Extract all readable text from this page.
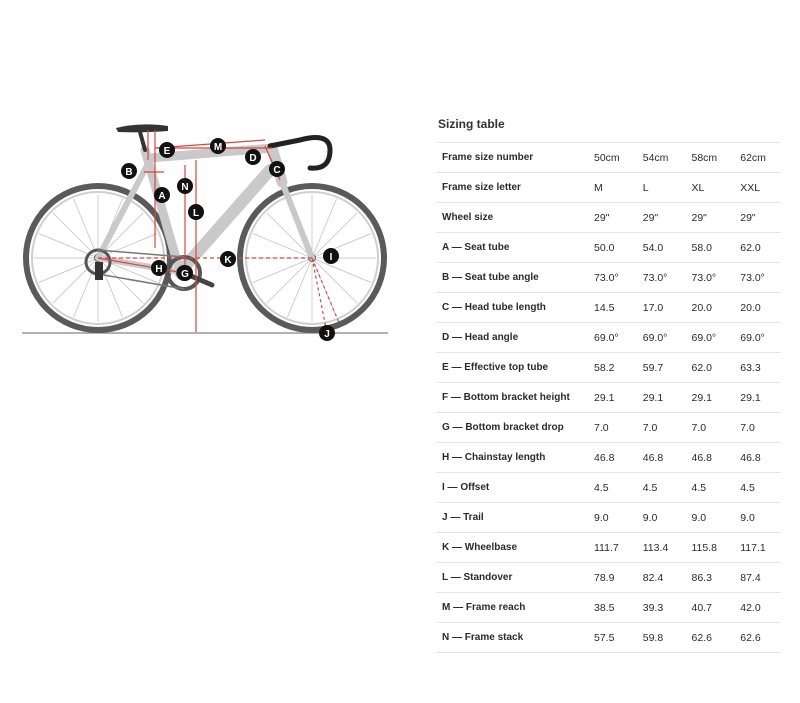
A
B	C
D
E
G
H
I
J
K
L
M
N
Sizing table
Frame size number	50cm	54cm	58cm	62cm
Frame size letter	M	L	XL	XXL
Wheel size	29"	29"	29"	29"
A — Seat tube	50.0	54.0	58.0	62.0
B — Seat tube angle	73.0°	73.0°	73.0°	73.0°
C — Head tube length	14.5	17.0	20.0	20.0
D — Head angle	69.0°	69.0°	69.0°	69.0°
E — Effective top tube	58.2	59.7	62.0	63.3
F — Bottom bracket height	29.1	29.1	29.1	29.1
G — Bottom bracket drop	7.0	7.0	7.0	7.0
H — Chainstay length	46.8	46.8	46.8	46.8
I — Offset	4.5	4.5	4.5	4.5
J — Trail	9.0	9.0	9.0	9.0
K — Wheelbase	111.7	113.4	115.8	117.1
L — Standover	78.9	82.4	86.3	87.4
M — Frame reach	38.5	39.3	40.7	42.0
N — Frame stack	57.5	59.8	62.6	62.6
